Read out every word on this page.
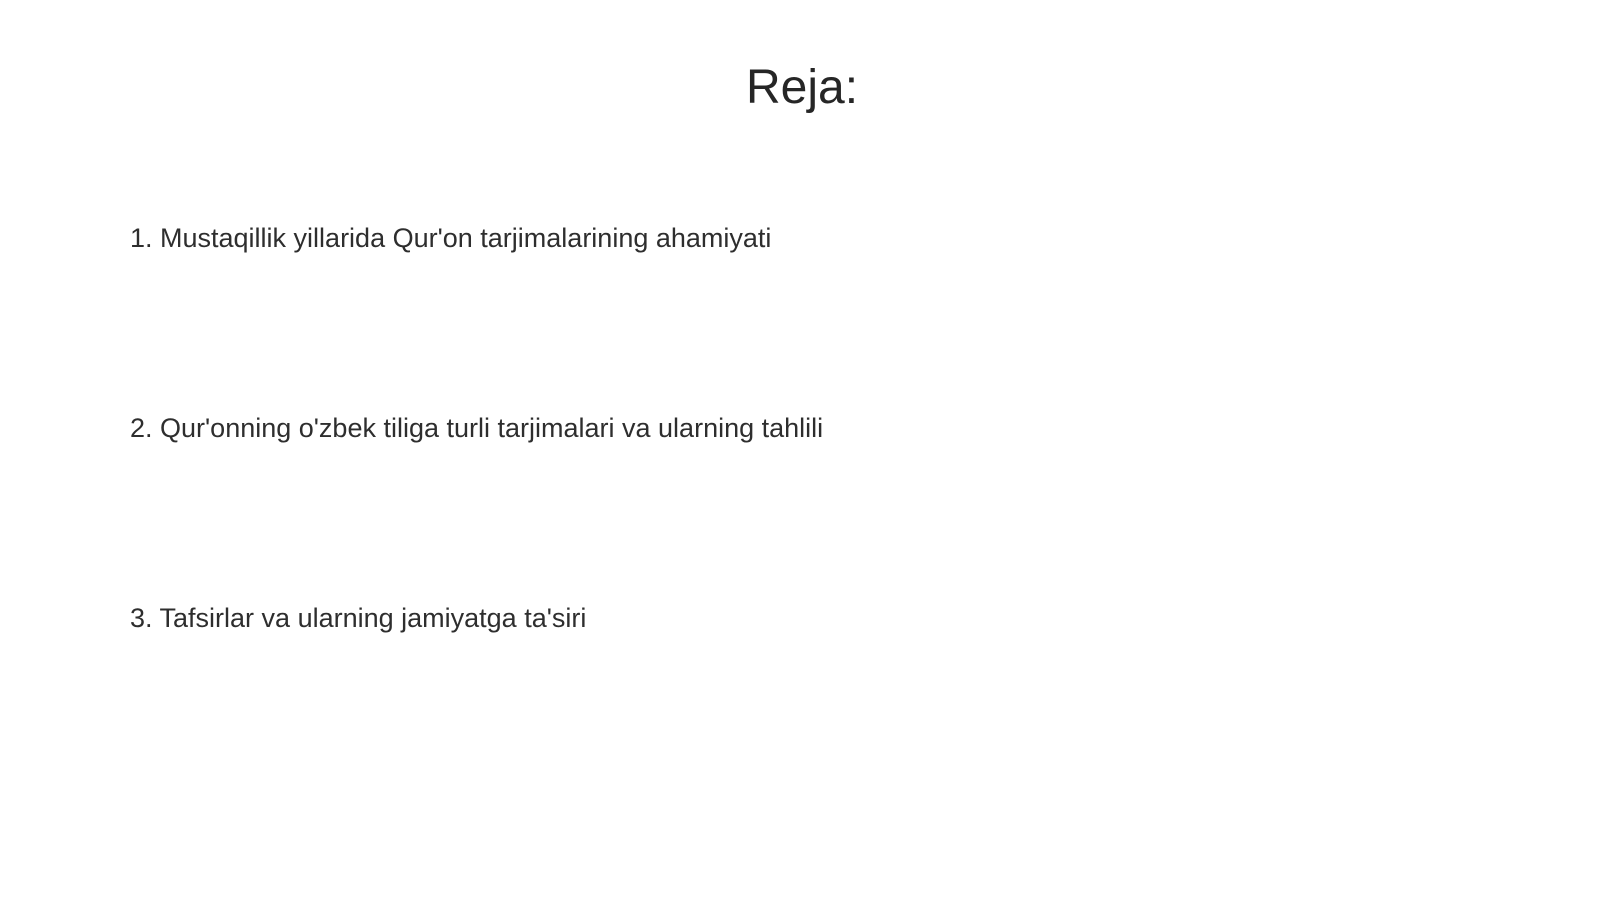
Reja:

1. Mustaqillik yillarida Qur'on tarjimalarining ahamiyati

2. Qur'onning o'zbek tiliga turli tarjimalari va ularning tahlili

3. Tafsirlar va ularning jamiyatga ta'siri
